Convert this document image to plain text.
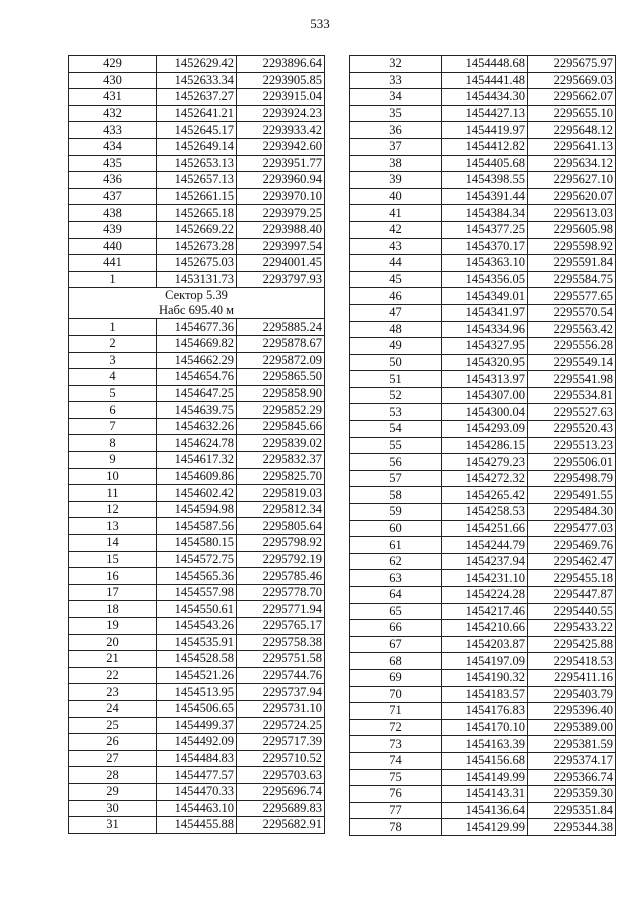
533
429	1452629.42	2293896.64
430	1452633.34	2293905.85
431	1452637.27	2293915.04
432	1452641.21	2293924.23
433	1452645.17	2293933.42
434	1452649.14	2293942.60
435	1452653.13	2293951.77
436	1452657.13	2293960.94
437	1452661.15	2293970.10
438	1452665.18	2293979.25
439	1452669.22	2293988.40
440	1452673.28	2293997.54
441	1452675.03	2294001.45
1	1453131.73	2293797.93

Сектор 5.39
Набс 695.40 м		

1	1454677.36	2295885.24
2	1454669.82	2295878.67
3	1454662.29	2295872.09
4	1454654.76	2295865.50
5	1454647.25	2295858.90
6	1454639.75	2295852.29
7	1454632.26	2295845.66
8	1454624.78	2295839.02
9	1454617.32	2295832.37
10	1454609.86	2295825.70
11	1454602.42	2295819.03
12	1454594.98	2295812.34
13	1454587.56	2295805.64
14	1454580.15	2295798.92
15	1454572.75	2295792.19
16	1454565.36	2295785.46
17	1454557.98	2295778.70
18	1454550.61	2295771.94
19	1454543.26	2295765.17
20	1454535.91	2295758.38
21	1454528.58	2295751.58
22	1454521.26	2295744.76
23	1454513.95	2295737.94
24	1454506.65	2295731.10
25	1454499.37	2295724.25
26	1454492.09	2295717.39
27	1454484.83	2295710.52
28	1454477.57	2295703.63
29	1454470.33	2295696.74
30	1454463.10	2295689.83
31	1454455.88	2295682.91
32	1454448.68	2295675.97
33	1454441.48	2295669.03
34	1454434.30	2295662.07
35	1454427.13	2295655.10
36	1454419.97	2295648.12
37	1454412.82	2295641.13
38	1454405.68	2295634.12
39	1454398.55	2295627.10
40	1454391.44	2295620.07
41	1454384.34	2295613.03
42	1454377.25	2295605.98
43	1454370.17	2295598.92
44	1454363.10	2295591.84
45	1454356.05	2295584.75
46	1454349.01	2295577.65
47	1454341.97	2295570.54
48	1454334.96	2295563.42
49	1454327.95	2295556.28
50	1454320.95	2295549.14
51	1454313.97	2295541.98
52	1454307.00	2295534.81
53	1454300.04	2295527.63
54	1454293.09	2295520.43
55	1454286.15	2295513.23
56	1454279.23	2295506.01
57	1454272.32	2295498.79
58	1454265.42	2295491.55
59	1454258.53	2295484.30
60	1454251.66	2295477.03
61	1454244.79	2295469.76
62	1454237.94	2295462.47
63	1454231.10	2295455.18
64	1454224.28	2295447.87
65	1454217.46	2295440.55
66	1454210.66	2295433.22
67	1454203.87	2295425.88
68	1454197.09	2295418.53
69	1454190.32	2295411.16
70	1454183.57	2295403.79
71	1454176.83	2295396.40
72	1454170.10	2295389.00
73	1454163.39	2295381.59
74	1454156.68	2295374.17
75	1454149.99	2295366.74
76	1454143.31	2295359.30
77	1454136.64	2295351.84
78	1454129.99	2295344.38
